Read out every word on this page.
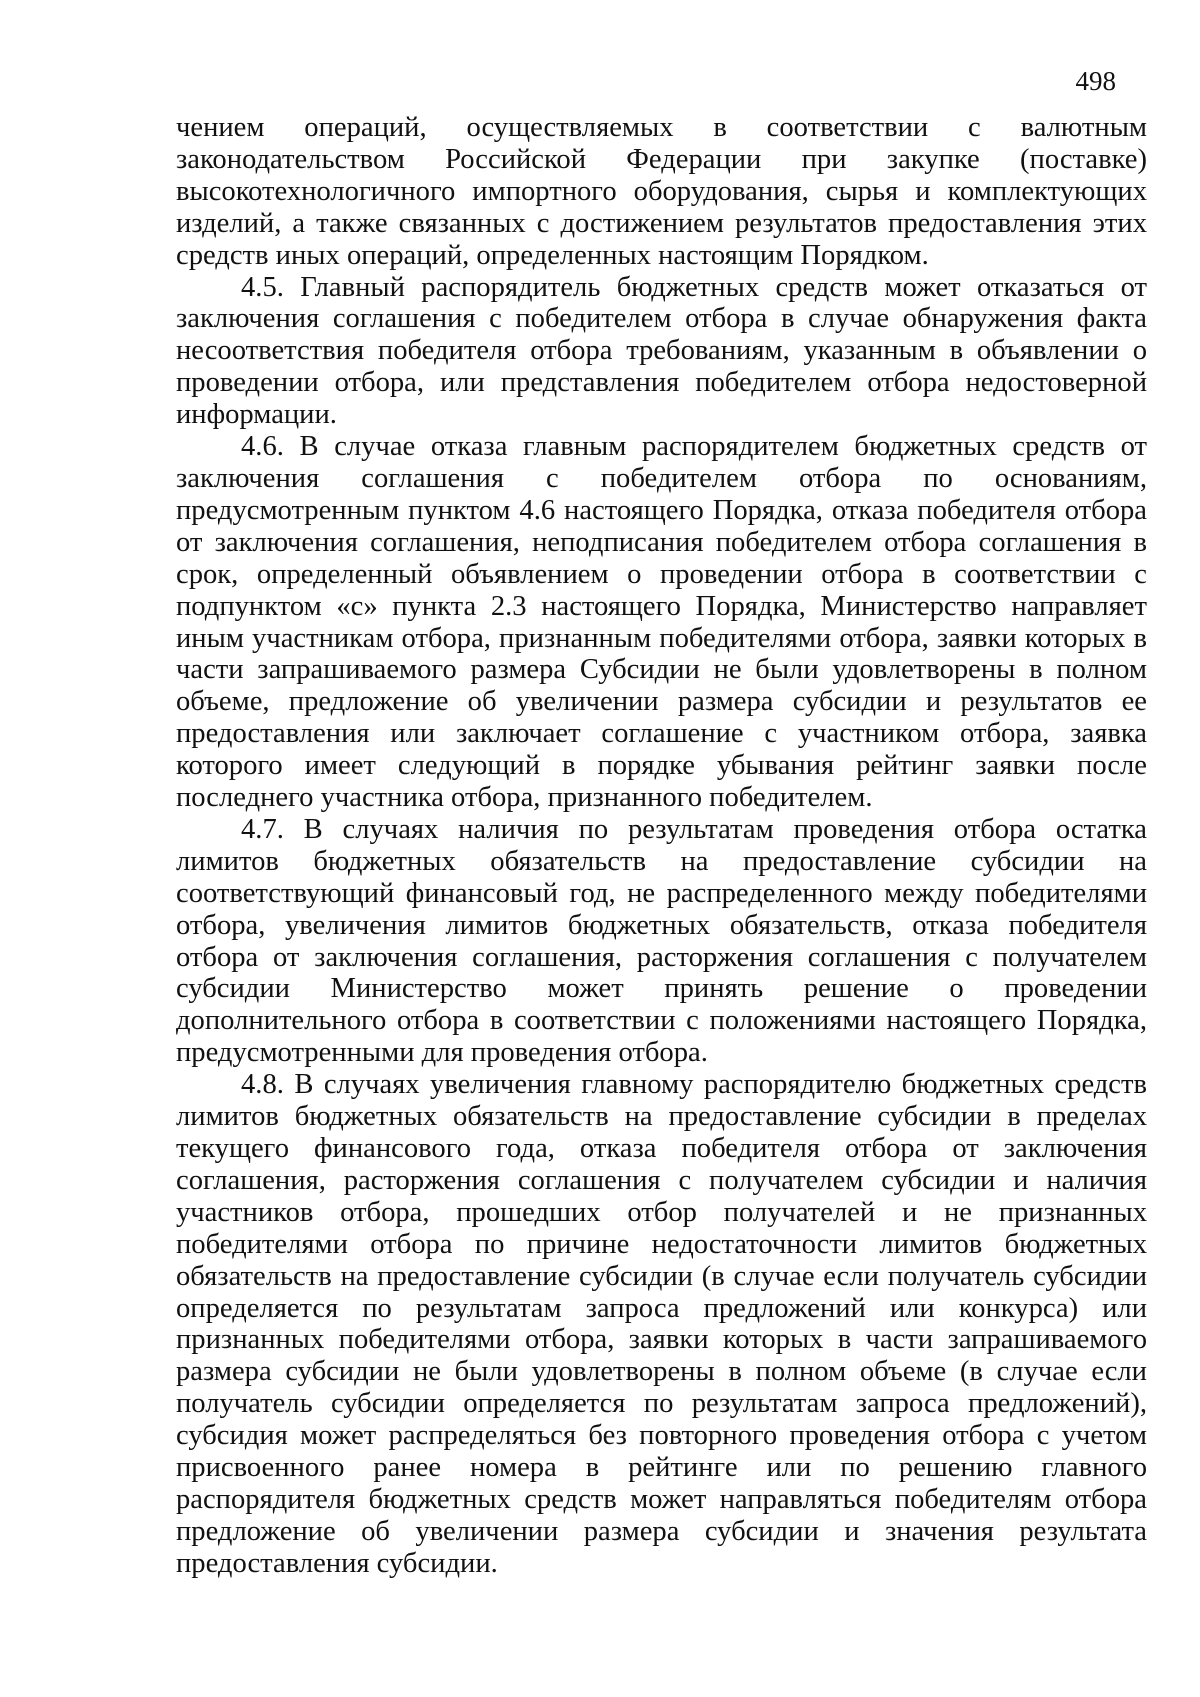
498

чением операций, осуществляемых в соответствии с валютным законодательством Российской Федерации при закупке (поставке) высокотехнологичного импортного оборудования, сырья и комплектующих изделий, а также связанных с достижением результатов предоставления этих средств иных операций, определенных настоящим Порядком.

4.5. Главный распорядитель бюджетных средств может отказаться от заключения соглашения с победителем отбора в случае обнаружения факта несоответствия победителя отбора требованиям, указанным в объявлении о проведении отбора, или представления победителем отбора недостоверной информации.

4.6. В случае отказа главным распорядителем бюджетных средств от заключения соглашения с победителем отбора по основаниям, предусмотренным пунктом 4.6 настоящего Порядка, отказа победителя отбора от заключения соглашения, неподписания победителем отбора соглашения в срок, определенный объявлением о проведении отбора в соответствии с подпунктом «с» пункта 2.3 настоящего Порядка, Министерство направляет иным участникам отбора, признанным победителями отбора, заявки которых в части запрашиваемого размера Субсидии не были удовлетворены в полном объеме, предложение об увеличении размера субсидии и результатов ее предоставления или заключает соглашение с участником отбора, заявка которого имеет следующий в порядке убывания рейтинг заявки после последнего участника отбора, признанного победителем.

4.7. В случаях наличия по результатам проведения отбора остатка лимитов бюджетных обязательств на предоставление субсидии на соответствующий финансовый год, не распределенного между победителями отбора, увеличения лимитов бюджетных обязательств, отказа победителя отбора от заключения соглашения, расторжения соглашения с получателем субсидии Министерство может принять решение о проведении дополнительного отбора в соответствии с положениями настоящего Порядка, предусмотренными для проведения отбора.

4.8. В случаях увеличения главному распорядителю бюджетных средств лимитов бюджетных обязательств на предоставление субсидии в пределах текущего финансового года, отказа победителя отбора от заключения соглашения, расторжения соглашения с получателем субсидии и наличия участников отбора, прошедших отбор получателей и не признанных победителями отбора по причине недостаточности лимитов бюджетных обязательств на предоставление субсидии (в случае если получатель субсидии определяется по результатам запроса предложений или конкурса) или признанных победителями отбора, заявки которых в части запрашиваемого размера субсидии не были удовлетворены в полном объеме (в случае если получатель субсидии определяется по результатам запроса предложений), субсидия может распределяться без повторного проведения отбора с учетом присвоенного ранее номера в рейтинге или по решению главного распорядителя бюджетных средств может направляться победителям отбора предложение об увеличении размера субсидии и значения результата предоставления субсидии.
